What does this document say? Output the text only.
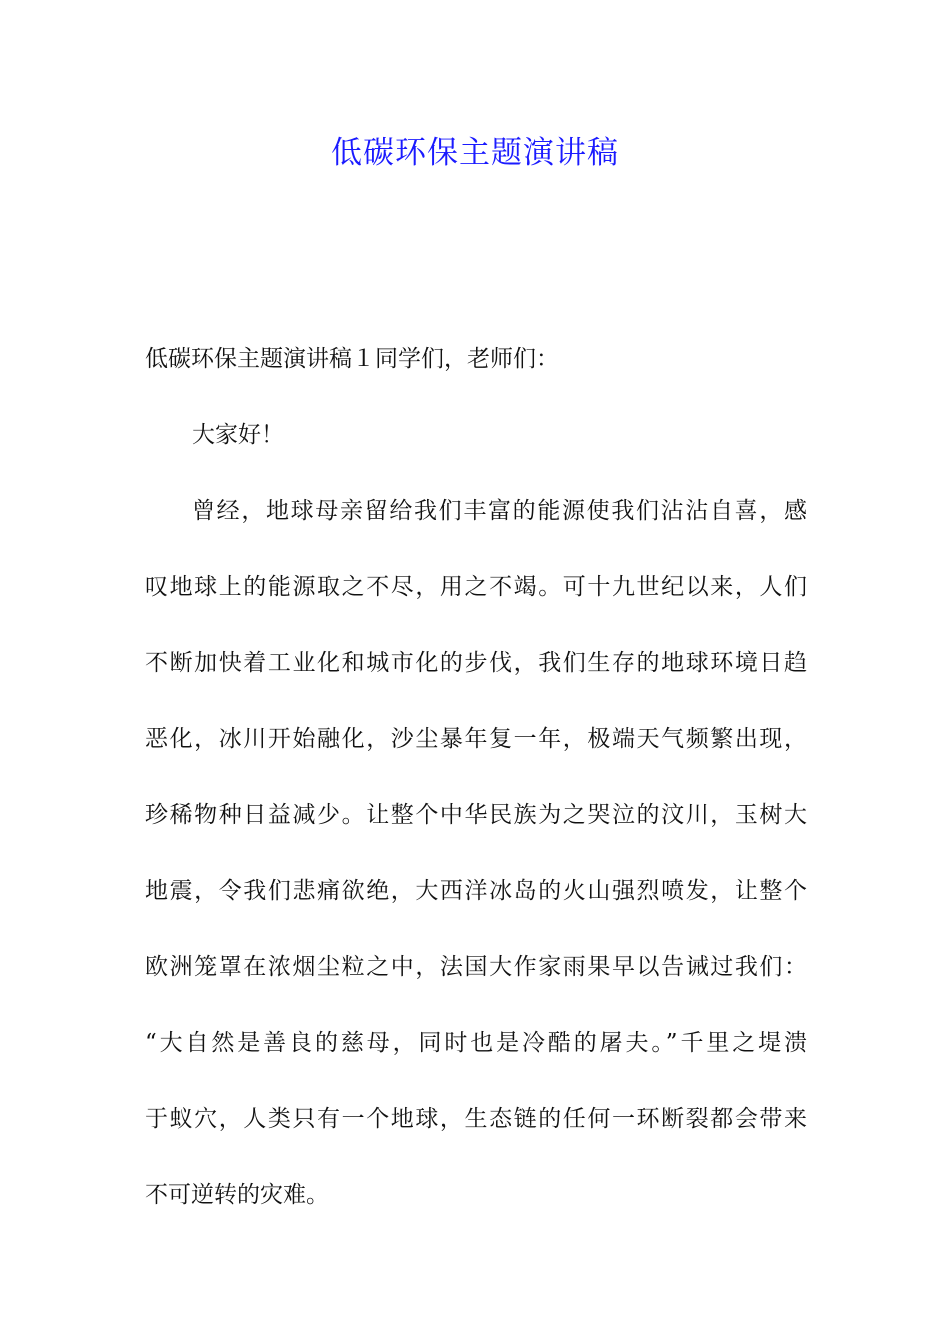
低碳环保主题演讲稿
低碳环保主题演讲稿１同学们，老师们：
大家好！
曾经，地球母亲留给我们丰富的能源使我们沾沾自喜，感
叹地球上的能源取之不尽，用之不竭。可十九世纪以来，人们
不断加快着工业化和城市化的步伐，我们生存的地球环境日趋
恶化，冰川开始融化，沙尘暴年复一年，极端天气频繁出现，
珍稀物种日益减少。让整个中华民族为之哭泣的汶川，玉树大
地震，令我们悲痛欲绝，大西洋冰岛的火山强烈喷发，让整个
欧洲笼罩在浓烟尘粒之中，法国大作家雨果早以告诫过我们：
“大自然是善良的慈母，同时也是冷酷的屠夫。”千里之堤溃
于蚁穴，人类只有一个地球，生态链的任何一环断裂都会带来
不可逆转的灾难。
